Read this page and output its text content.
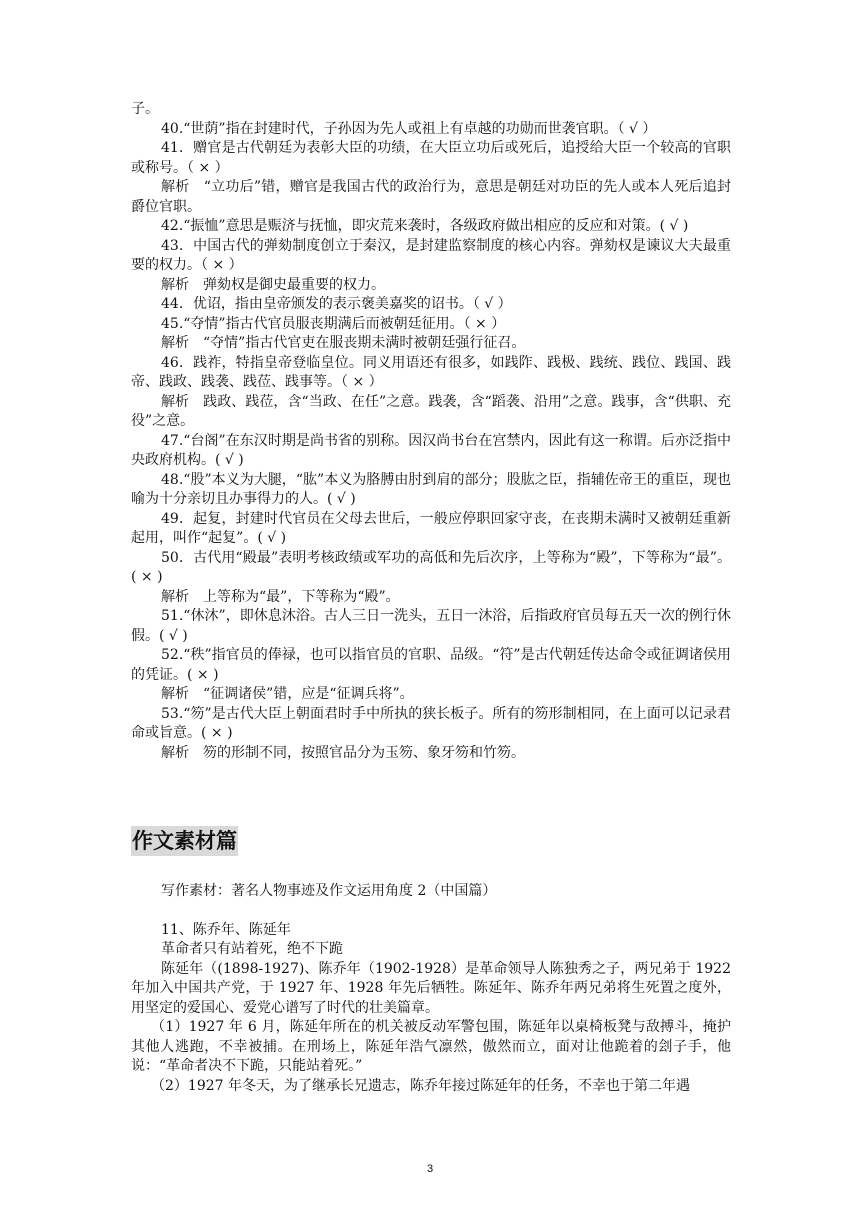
子。

40.“世荫”指在封建时代，子孙因为先人或祖上有卓越的功勋而世袭官职。（ √ ）

41．赠官是古代朝廷为表彰大臣的功绩，在大臣立功后或死后，追授给大臣一个较高的官职或称号。（ × ）

解析　“立功后”错，赠官是我国古代的政治行为，意思是朝廷对功臣的先人或本人死后追封爵位官职。

42.“振恤”意思是赈济与抚恤，即灾荒来袭时，各级政府做出相应的反应和对策。( √ )

43．中国古代的弹劾制度创立于秦汉，是封建监察制度的核心内容。弹劾权是谏议大夫最重要的权力。（ × ）

解析　弹劾权是御史最重要的权力。

44．优诏，指由皇帝颁发的表示褒美嘉奖的诏书。（ √ ）

45.“夺情”指古代官员服丧期满后而被朝廷征用。（ × ）

解析　“夺情”指古代官吏在服丧期未满时被朝廷强行征召。

46．践祚，特指皇帝登临皇位。同义用语还有很多，如践阼、践极、践统、践位、践国、践帝、践政、践袭、践莅、践事等。（ × ）

解析　践政、践莅，含“当政、在任”之意。践袭，含“蹈袭、沿用”之意。践事，含“供职、充役”之意。

47.“台阁”在东汉时期是尚书省的别称。因汉尚书台在宫禁内，因此有这一称谓。后亦泛指中央政府机构。( √ )

48.“股”本义为大腿，“肱”本义为胳膊由肘到肩的部分；股肱之臣，指辅佐帝王的重臣，现也喻为十分亲切且办事得力的人。( √ )

49．起复，封建时代官员在父母去世后，一般应停职回家守丧，在丧期未满时又被朝廷重新起用，叫作“起复”。( √ )

50．古代用“殿最”表明考核政绩或军功的高低和先后次序，上等称为“殿”，下等称为“最”。( × )

解析　上等称为“最”，下等称为“殿”。

51.“休沐”，即休息沐浴。古人三日一洗头，五日一沐浴，后指政府官员每五天一次的例行休假。( √ )

52.“秩”指官员的俸禄，也可以指官员的官职、品级。“符”是古代朝廷传达命令或征调诸侯用的凭证。( × )

解析　“征调诸侯”错，应是“征调兵将”。

53.“笏”是古代大臣上朝面君时手中所执的狭长板子。所有的笏形制相同，在上面可以记录君命或旨意。( × )

解析　笏的形制不同，按照官品分为玉笏、象牙笏和竹笏。

作文素材篇

写作素材：著名人物事迹及作文运用角度 2（中国篇）

11、陈乔年、陈延年

革命者只有站着死，绝不下跪

陈延年（(1898-1927)、陈乔年（1902-1928）是革命领导人陈独秀之子，两兄弟于 1922年加入中国共产党，于 1927 年、1928 年先后牺牲。陈延年、陈乔年两兄弟将生死置之度外，用坚定的爱国心、爱党心谱写了时代的壮美篇章。

（1）1927 年 6 月，陈延年所在的机关被反动军警包围，陈延年以桌椅板凳与敌搏斗，掩护其他人逃跑，不幸被捕。在刑场上，陈延年浩气凛然，傲然而立，面对让他跪着的刽子手，他说：“革命者决不下跪，只能站着死。”

（2）1927 年冬天，为了继承长兄遗志，陈乔年接过陈延年的任务，不幸也于第二年遇

3
